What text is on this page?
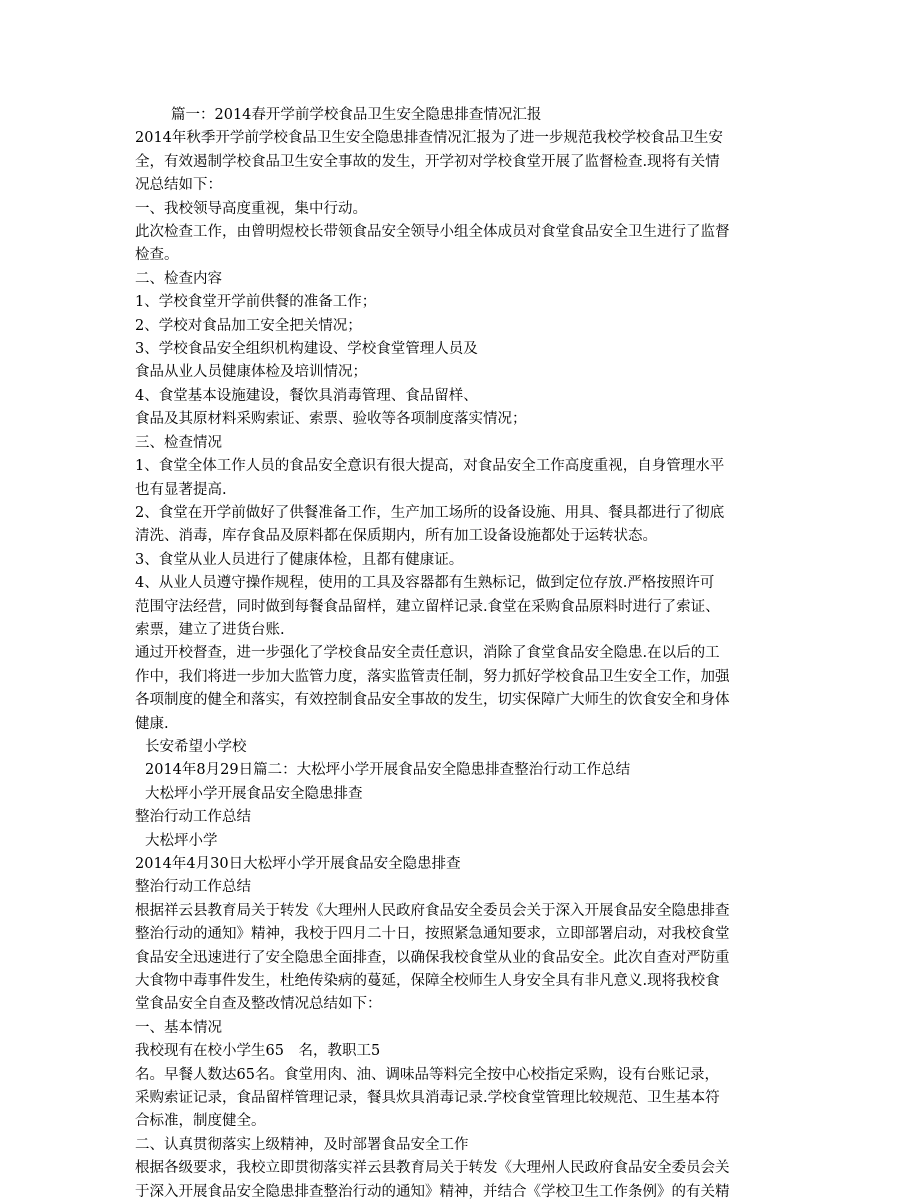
篇一：2014春开学前学校食品卫生安全隐患排查情况汇报

2014年秋季开学前学校食品卫生安全隐患排查情况汇报为了进一步规范我校学校食品卫生安

全，有效遏制学校食品卫生安全事故的发生，开学初对学校食堂开展了监督检查.现将有关情

况总结如下：

一、我校领导高度重视，集中行动。

此次检查工作，由曾明煜校长带领食品安全领导小组全体成员对食堂食品安全卫生进行了监督

检查。

二、检查内容

1、学校食堂开学前供餐的准备工作；

2、学校对食品加工安全把关情况；

3、学校食品安全组织机构建设、学校食堂管理人员及

食品从业人员健康体检及培训情况；

4、食堂基本设施建设，餐饮具消毒管理、食品留样、

食品及其原材料采购索证、索票、验收等各项制度落实情况；

三、检查情况

1、食堂全体工作人员的食品安全意识有很大提高，对食品安全工作高度重视，自身管理水平

也有显著提高.

2、食堂在开学前做好了供餐准备工作，生产加工场所的设备设施、用具、餐具都进行了彻底

清洗、消毒，库存食品及原料都在保质期内，所有加工设备设施都处于运转状态。

3、食堂从业人员进行了健康体检，且都有健康证。

4、从业人员遵守操作规程，使用的工具及容器都有生熟标记，做到定位存放.严格按照许可

范围守法经营，同时做到每餐食品留样，建立留样记录.食堂在采购食品原料时进行了索证、

索票，建立了进货台账.

通过开校督查，进一步强化了学校食品安全责任意识，消除了食堂食品安全隐患.在以后的工

作中，我们将进一步加大监管力度，落实监管责任制，努力抓好学校食品卫生安全工作，加强

各项制度的健全和落实，有效控制食品安全事故的发生，切实保障广大师生的饮食安全和身体

健康.

长安希望小学校

2014年8月29日篇二：大松坪小学开展食品安全隐患排查整治行动工作总结

大松坪小学开展食品安全隐患排查

整治行动工作总结

大松坪小学

2014年4月30日大松坪小学开展食品安全隐患排查

整治行动工作总结

根据祥云县教育局关于转发《大理州人民政府食品安全委员会关于深入开展食品安全隐患排查

整治行动的通知》精神，我校于四月二十日，按照紧急通知要求，立即部署启动，对我校食堂

食品安全迅速进行了安全隐患全面排查，以确保我校食堂从业的食品安全。此次自查对严防重

大食物中毒事件发生，杜绝传染病的蔓延，保障全校师生人身安全具有非凡意义.现将我校食

堂食品安全自查及整改情况总结如下：

一、基本情况

我校现有在校小学生65　名，教职工5

名。早餐人数达65名。食堂用肉、油、调味品等料完全按中心校指定采购，设有台账记录，

采购索证记录，食品留样管理记录，餐具炊具消毒记录.学校食堂管理比较规范、卫生基本符

合标准，制度健全。

二、认真贯彻落实上级精神，及时部署食品安全工作

根据各级要求，我校立即贯彻落实祥云县教育局关于转发《大理州人民政府食品安全委员会关

于深入开展食品安全隐患排查整治行动的通知》精神，并结合《学校卫生工作条例》的有关精
